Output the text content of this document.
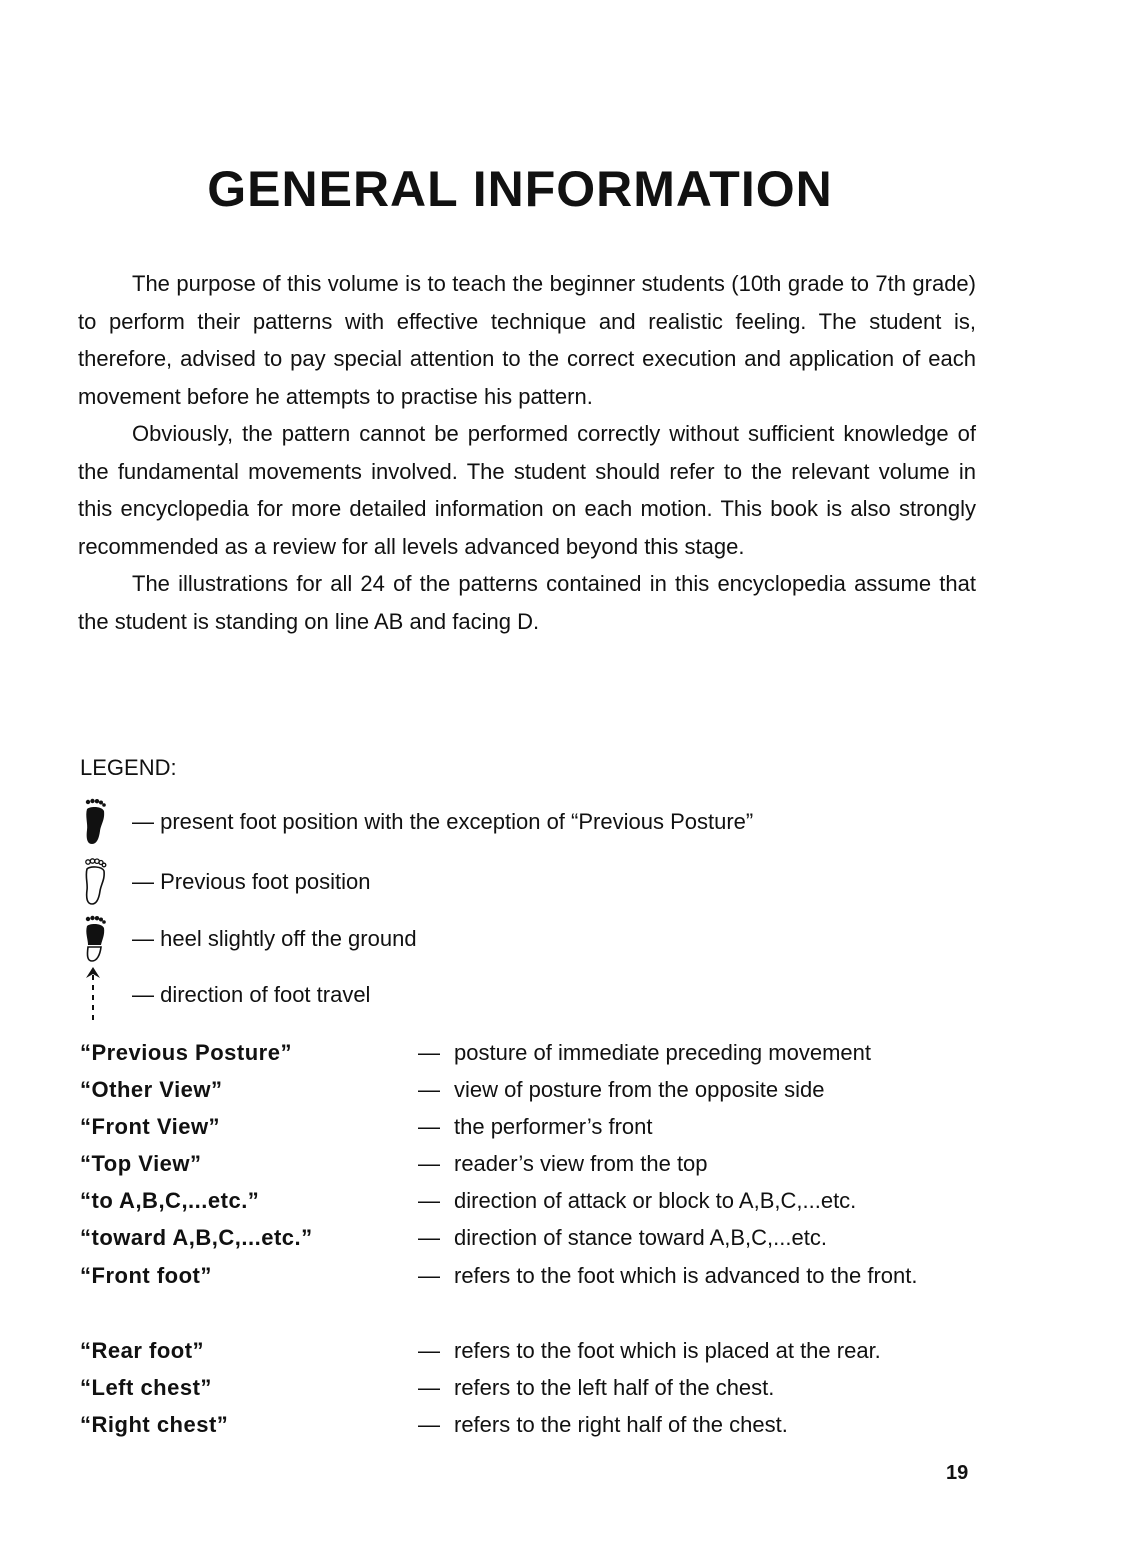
GENERAL INFORMATION

The purpose of this volume is to teach the beginner students (10th grade to 7th grade) to perform their patterns with effective technique and realistic feeling. The student is, therefore, advised to pay special attention to the correct execution and application of each movement before he attempts to practise his pattern.

Obviously, the pattern cannot be performed correctly without sufficient knowledge of the fundamental movements involved. The student should refer to the relevant volume in this encyclopedia for more detailed information on each motion. This book is also strongly recommended as a review for all levels advanced beyond this stage.

The illustrations for all 24 of the patterns contained in this encyclopedia assume that the student is standing on line AB and facing D.

LEGEND:
— present foot position with the exception of “Previous Posture”
— Previous foot position
— heel slightly off the ground
— direction of foot travel
“Previous Posture”	— posture of immediate preceding movement
“Other View”	— view of posture from the opposite side
“Front View”	— the performer’s front
“Top View”	— reader’s view from the top
“to A,B,C,...etc.”	— direction of attack or block to A,B,C,...etc.
“toward A,B,C,...etc.”	— direction of stance toward A,B,C,...etc.
“Front foot”	— refers to the foot which is advanced to the front.
“Rear foot”	— refers to the foot which is placed at the rear.
“Left chest”	— refers to the left half of the chest.
“Right chest”	— refers to the right half of the chest.
19
